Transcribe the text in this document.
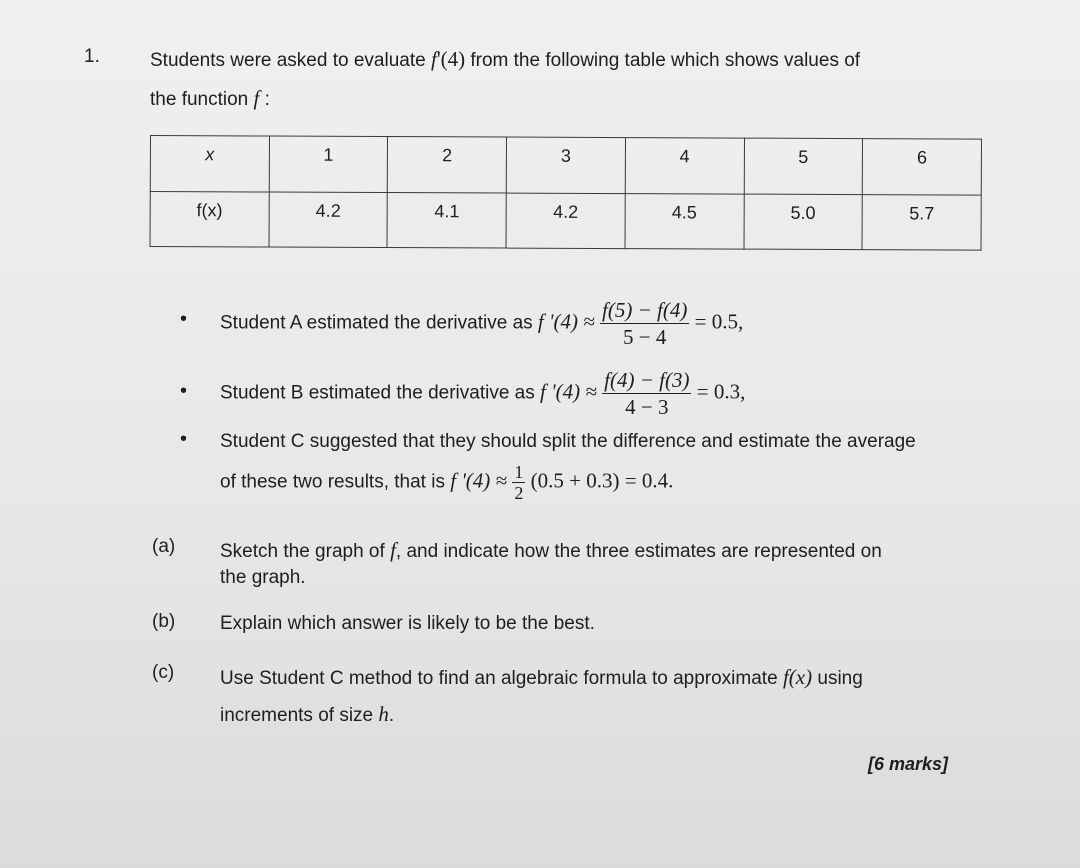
1.	Students were asked to evaluate f'(4) from the following table which shows values of
the function f :
x	1	2	3	4	5	6
f(x)	4.2	4.1	4.2	4.5	5.0	5.7
• Student A estimated the derivative as f '$(4) \approx \frac{f(5) - f(4)}{5 - 4} = 0.5$,
• Student B estimated the derivative as f '$(4) \approx \frac{f(4) - f(3)}{4 - 3} = 0.3$,
• Student C suggested that they should split the difference and estimate the average
of these two results, that is f '$(4) \approx \frac{1}{2} (0.5 + 0.3) = 0.4$.
(a) Sketch the graph of f, and indicate how the three estimates are represented on
the graph.
(b) Explain which answer is likely to be the best.
(c) Use Student C method to find an algebraic formula to approximate f(x) using
increments of size h.
[6 marks]
